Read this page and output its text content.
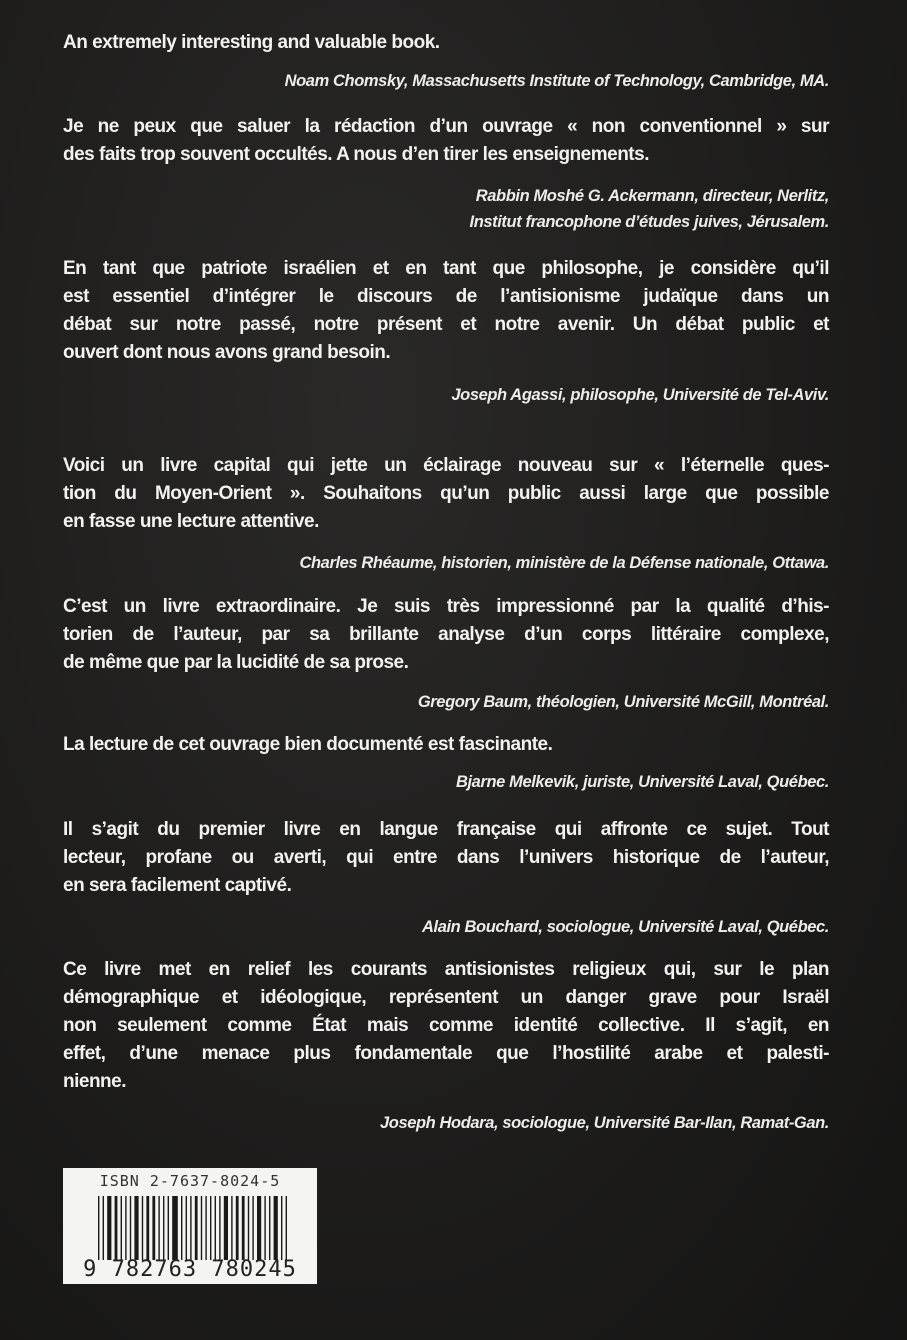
An extremely interesting and valuable book.
Noam Chomsky, Massachusetts Institute of Technology, Cambridge, MA.
Je ne peux que saluer la rédaction d’un ouvrage « non conventionnel » sur
des faits trop souvent occultés. A nous d’en tirer les enseignements.
Rabbin Moshé G. Ackermann, directeur, Nerlitz,
Institut francophone d’études juives, Jérusalem.
En tant que patriote israélien et en tant que philosophe, je considère qu’il
est essentiel d’intégrer le discours de l’antisionisme judaïque dans un
débat sur notre passé, notre présent et notre avenir. Un débat public et
ouvert dont nous avons grand besoin.
Joseph Agassi, philosophe, Université de Tel-Aviv.
Voici un livre capital qui jette un éclairage nouveau sur « l’éternelle ques-
tion du Moyen-Orient ». Souhaitons qu’un public aussi large que possible
en fasse une lecture attentive.
Charles Rhéaume, historien, ministère de la Défense nationale, Ottawa.
C’est un livre extraordinaire. Je suis très impressionné par la qualité d’his-
torien de l’auteur, par sa brillante analyse d’un corps littéraire complexe,
de même que par la lucidité de sa prose.
Gregory Baum, théologien, Université McGill, Montréal.
La lecture de cet ouvrage bien documenté est fascinante.
Bjarne Melkevik, juriste, Université Laval, Québec.
Il s’agit du premier livre en langue française qui affronte ce sujet. Tout
lecteur, profane ou averti, qui entre dans l’univers historique de l’auteur,
en sera facilement captivé.
Alain Bouchard, sociologue, Université Laval, Québec.
Ce livre met en relief les courants antisionistes religieux qui, sur le plan
démographique et idéologique, représentent un danger grave pour Israël
non seulement comme État mais comme identité collective. Il s’agit, en
effet, d’une menace plus fondamentale que l’hostilité arabe et palesti-
nienne.
Joseph Hodara, sociologue, Université Bar-Ilan, Ramat-Gan.
ISBN 2-7637-8024-5
9 782763 780245
